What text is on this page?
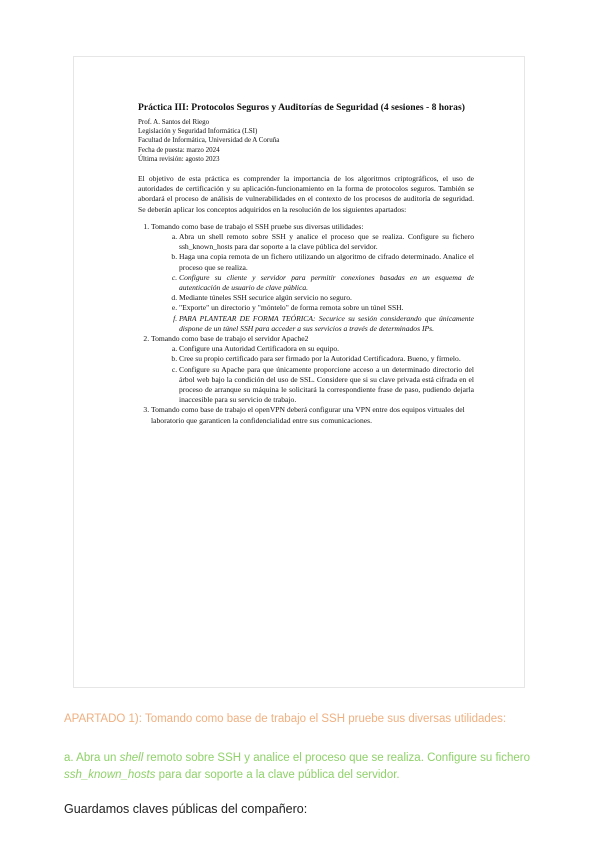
Práctica III: Protocolos Seguros y Auditorías de Seguridad (4 sesiones - 8 horas)
Prof. A. Santos del Riego
Legislación y Seguridad Informática (LSI)
Facultad de Informática, Universidad de A Coruña
Fecha de puesta: marzo 2024
Última revisión: agosto 2023
El objetivo de esta práctica es comprender la importancia de los algoritmos criptográficos, el uso de autoridades de certificación y su aplicación-funcionamiento en la forma de protocolos seguros. También se abordará el proceso de análisis de vulnerabilidades en el contexto de los procesos de auditoría de seguridad. Se deberán aplicar los conceptos adquiridos en la resolución de los siguientes apartados:
1. Tomando como base de trabajo el SSH pruebe sus diversas utilidades:
a. Abra un shell remoto sobre SSH y analice el proceso que se realiza. Configure su fichero ssh_known_hosts para dar soporte a la clave pública del servidor.
b. Haga una copia remota de un fichero utilizando un algoritmo de cifrado determinado. Analice el proceso que se realiza.
c. Configure su cliente y servidor para permitir conexiones basadas en un esquema de autenticación de usuario de clave pública.
d. Mediante túneles SSH securice algún servicio no seguro.
e. "Exporte" un directorio y "móntelo" de forma remota sobre un túnel SSH.
f. PARA PLANTEAR DE FORMA TEÓRICA: Securice su sesión considerando que únicamente dispone de un túnel SSH para acceder a sus servicios a través de determinados IPs.
2. Tomando como base de trabajo el servidor Apache2
a. Configure una Autoridad Certificadora en su equipo.
b. Cree su propio certificado para ser firmado por la Autoridad Certificadora. Bueno, y fírmelo.
c. Configure su Apache para que únicamente proporcione acceso a un determinado directorio del árbol web bajo la condición del uso de SSL. Considere que si su clave privada está cifrada en el proceso de arranque su máquina le solicitará la correspondiente frase de paso, pudiendo dejarla inaccesible para su servicio de trabajo.
3. Tomando como base de trabajo el openVPN deberá configurar una VPN entre dos equipos virtuales del laboratorio que garanticen la confidencialidad entre sus comunicaciones.

APARTADO 1): Tomando como base de trabajo el SSH pruebe sus diversas utilidades:

a. Abra un shell remoto sobre SSH y analice el proceso que se realiza. Configure su fichero ssh_known_hosts para dar soporte a la clave pública del servidor.

Guardamos claves públicas del compañero:
